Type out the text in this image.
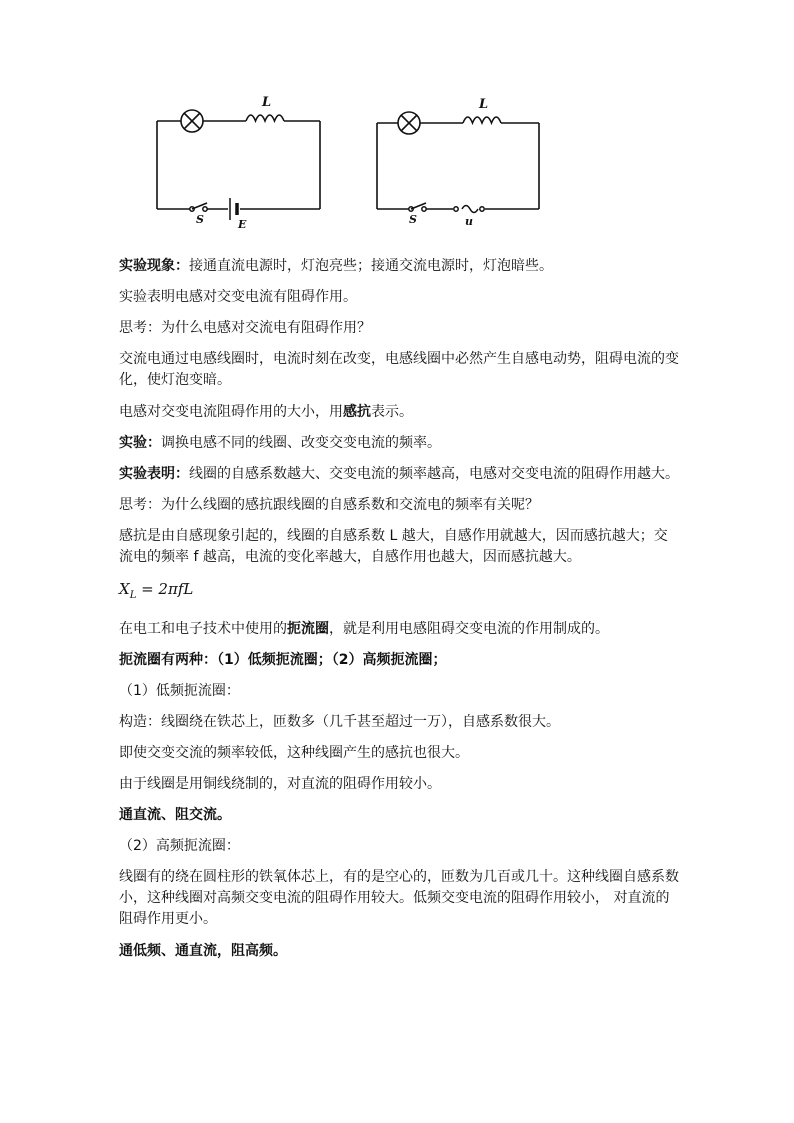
L
S	E
L
S	u

实验现象：接通直流电源时，灯泡亮些；接通交流电源时，灯泡暗些。

实验表明电感对交变电流有阻碍作用。

思考：为什么电感对交流电有阻碍作用？

交流电通过电感线圈时，电流时刻在改变，电感线圈中必然产生自感电动势，阻碍电流的变化，使灯泡变暗。

电感对交变电流阻碍作用的大小，用感抗表示。

实验：调换电感不同的线圈、改变交变电流的频率。

实验表明：线圈的自感系数越大、交变电流的频率越高，电感对交变电流的阻碍作用越大。

思考：为什么线圈的感抗跟线圈的自感系数和交流电的频率有关呢？

感抗是由自感现象引起的，线圈的自感系数 L 越大，自感作用就越大，因而感抗越大；交流电的频率 f 越高，电流的变化率越大，自感作用也越大，因而感抗越大。

$X_L = 2\pi fL$

在电工和电子技术中使用的扼流圈，就是利用电感阻碍交变电流的作用制成的。

扼流圈有两种：（1）低频扼流圈；（2）高频扼流圈；

（1）低频扼流圈：

构造：线圈绕在铁芯上，匝数多（几千甚至超过一万），自感系数很大。

即使交变交流的频率较低，这种线圈产生的感抗也很大。

由于线圈是用铜线绕制的，对直流的阻碍作用较小。

通直流、阻交流。

（2）高频扼流圈：

线圈有的绕在圆柱形的铁氧体芯上，有的是空心的，匝数为几百或几十。这种线圈自感系数小，这种线圈对高频交变电流的阻碍作用较大。低频交变电流的阻碍作用较小， 对直流的阻碍作用更小。

通低频、通直流，阻高频。
